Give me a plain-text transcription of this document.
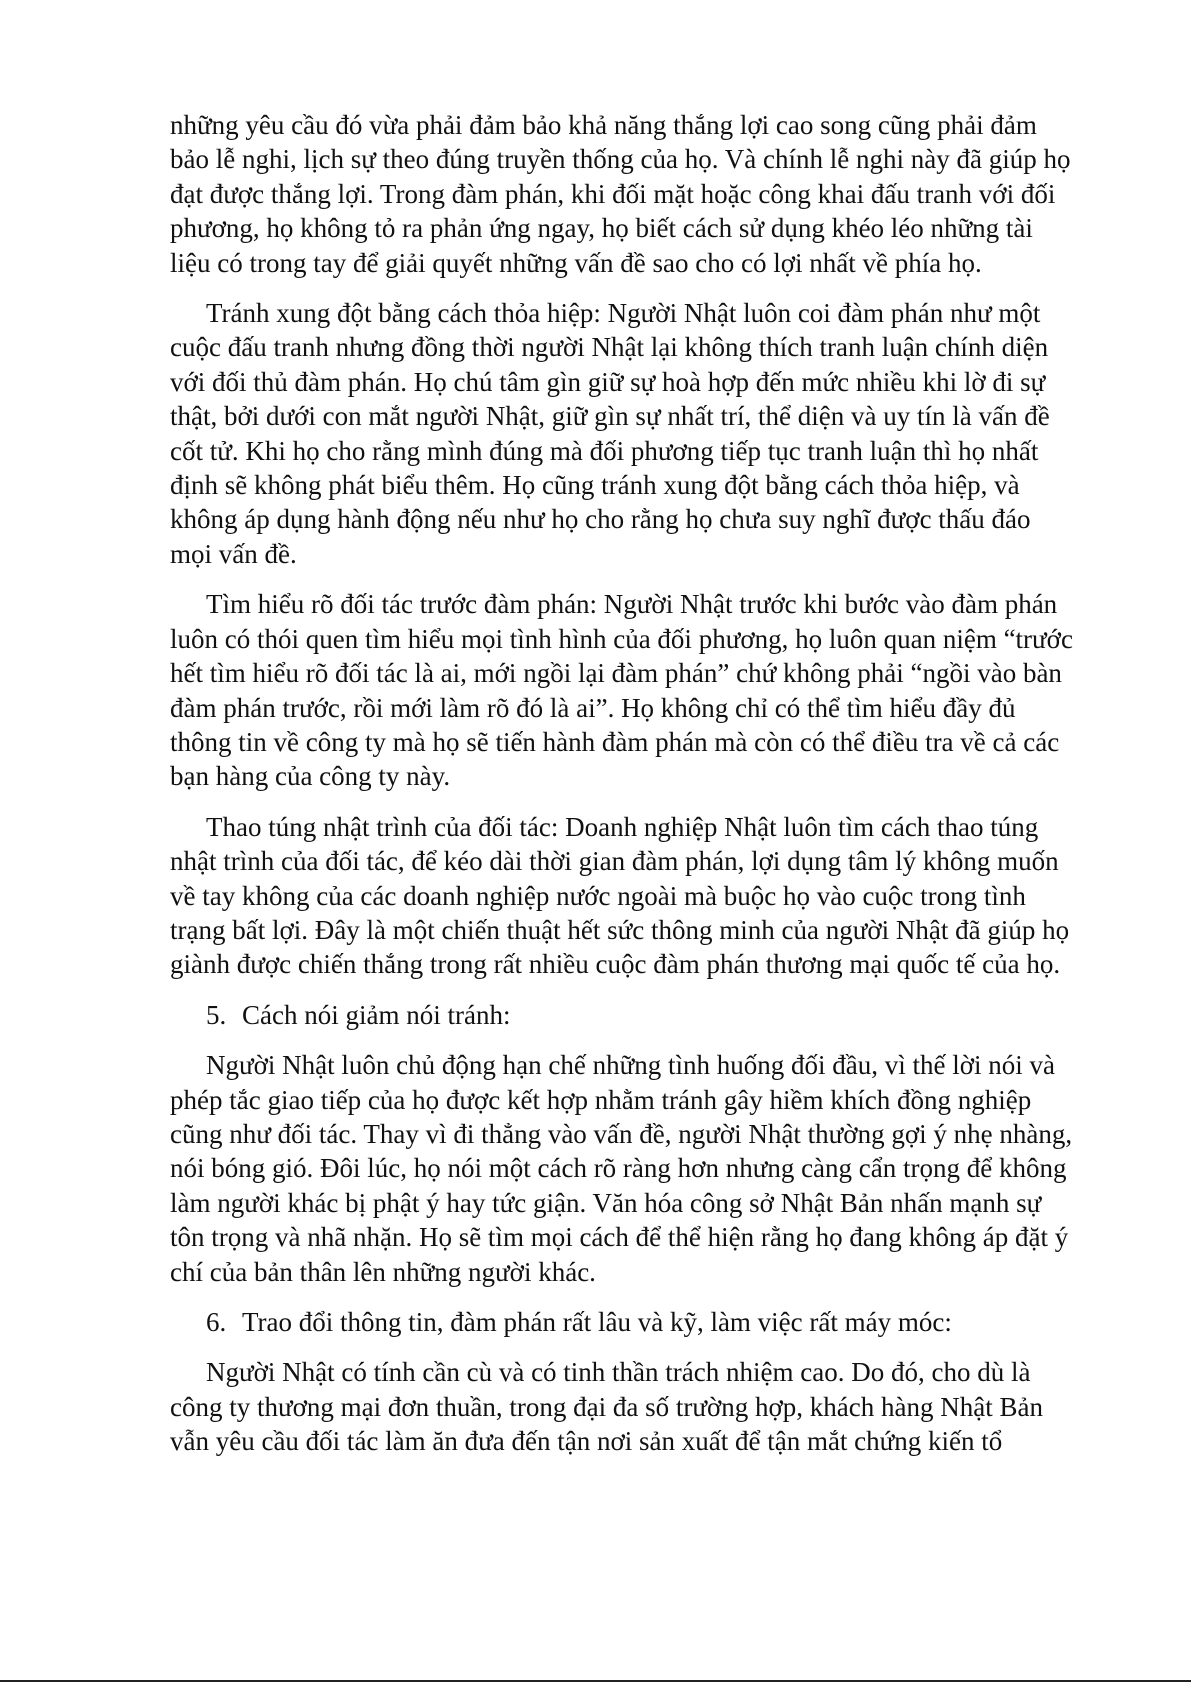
những yêu cầu đó vừa phải đảm bảo khả năng thắng lợi cao song cũng phải đảm bảo lễ nghi, lịch sự theo đúng truyền thống của họ. Và chính lễ nghi này đã giúp họ đạt được thắng lợi. Trong đàm phán, khi đối mặt hoặc công khai đấu tranh với đối phương, họ không tỏ ra phản ứng ngay, họ biết cách sử dụng khéo léo những tài liệu có trong tay để giải quyết những vấn đề sao cho có lợi nhất về phía họ.

Tránh xung đột bằng cách thỏa hiệp: Người Nhật luôn coi đàm phán như một cuộc đấu tranh nhưng đồng thời người Nhật lại không thích tranh luận chính diện với đối thủ đàm phán. Họ chú tâm gìn giữ sự hoà hợp đến mức nhiều khi lờ đi sự thật, bởi dưới con mắt người Nhật, giữ gìn sự nhất trí, thể diện và uy tín là vấn đề cốt tử. Khi họ cho rằng mình đúng mà đối phương tiếp tục tranh luận thì họ nhất định sẽ không phát biểu thêm. Họ cũng tránh xung đột bằng cách thỏa hiệp, và không áp dụng hành động nếu như họ cho rằng họ chưa suy nghĩ được thấu đáo mọi vấn đề.

Tìm hiểu rõ đối tác trước đàm phán: Người Nhật trước khi bước vào đàm phán luôn có thói quen tìm hiểu mọi tình hình của đối phương, họ luôn quan niệm “trước hết tìm hiểu rõ đối tác là ai, mới ngồi lại đàm phán” chứ không phải “ngồi vào bàn đàm phán trước, rồi mới làm rõ đó là ai”. Họ không chỉ có thể tìm hiểu đầy đủ thông tin về công ty mà họ sẽ tiến hành đàm phán mà còn có thể điều tra về cả các bạn hàng của công ty này.

Thao túng nhật trình của đối tác: Doanh nghiệp Nhật luôn tìm cách thao túng nhật trình của đối tác, để kéo dài thời gian đàm phán, lợi dụng tâm lý không muốn về tay không của các doanh nghiệp nước ngoài mà buộc họ vào cuộc trong tình trạng bất lợi. Đây là một chiến thuật hết sức thông minh của người Nhật đã giúp họ giành được chiến thắng trong rất nhiều cuộc đàm phán thương mại quốc tế của họ.

5. Cách nói giảm nói tránh:

Người Nhật luôn chủ động hạn chế những tình huống đối đầu, vì thế lời nói và phép tắc giao tiếp của họ được kết hợp nhằm tránh gây hiềm khích đồng nghiệp cũng như đối tác. Thay vì đi thẳng vào vấn đề, người Nhật thường gợi ý nhẹ nhàng, nói bóng gió. Đôi lúc, họ nói một cách rõ ràng hơn nhưng càng cẩn trọng để không làm người khác bị phật ý hay tức giận. Văn hóa công sở Nhật Bản nhấn mạnh sự tôn trọng và nhã nhặn. Họ sẽ tìm mọi cách để thể hiện rằng họ đang không áp đặt ý chí của bản thân lên những người khác.

6. Trao đổi thông tin, đàm phán rất lâu và kỹ, làm việc rất máy móc:

Người Nhật có tính cần cù và có tinh thần trách nhiệm cao. Do đó, cho dù là công ty thương mại đơn thuần, trong đại đa số trường hợp, khách hàng Nhật Bản vẫn yêu cầu đối tác làm ăn đưa đến tận nơi sản xuất để tận mắt chứng kiến tổ
